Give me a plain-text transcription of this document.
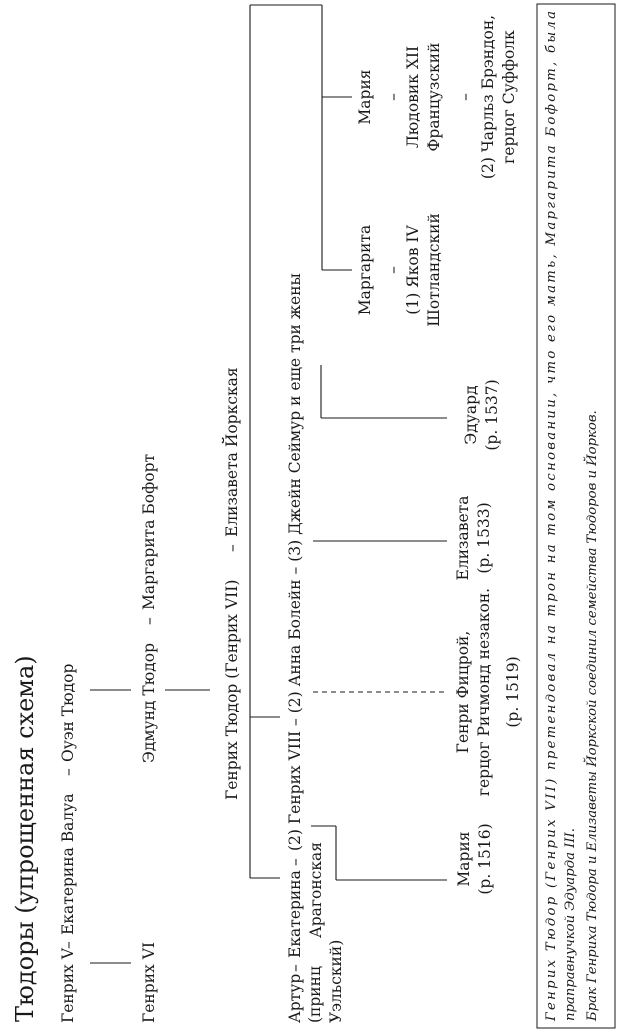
Тюдоры (упрощенная схема) Генрих V
–
Екатерина Валуа
–
Оуэн Тюдор
Генрих VI
Эдмунд Тюдор
–
Маргарита Бофорт
Генрих Тюдор (Генрих VII)
–
Елизавета Йоркская
Артур
–
Екатерина
–
(2) Генрих VIII – (2) Анна Болейн – (3) Джейн Сеймур и еще три жены
(принц Уэльский)
Арагонская
Маргарита – (1) Яков IV Шотландский
Мария – Людовик XII Французский – (2) Чарльз Брэндон, герцог Суффолк
Мария (р. 1516)
Генри Фицрой, герцог Ричмонд незакон. (р. 1519)
Елизавета (р. 1533)
Эдуард (р. 1537)
Генрих Тюдор (Генрих VII) претендовал на трон на том основании, что его мать, Маргарита Бофорт, была
праправнучкой Эдуарда III. Брак Генриха Тюдора и Елизаветы Йоркской соединил семейства Тюдоров и Йорков.
